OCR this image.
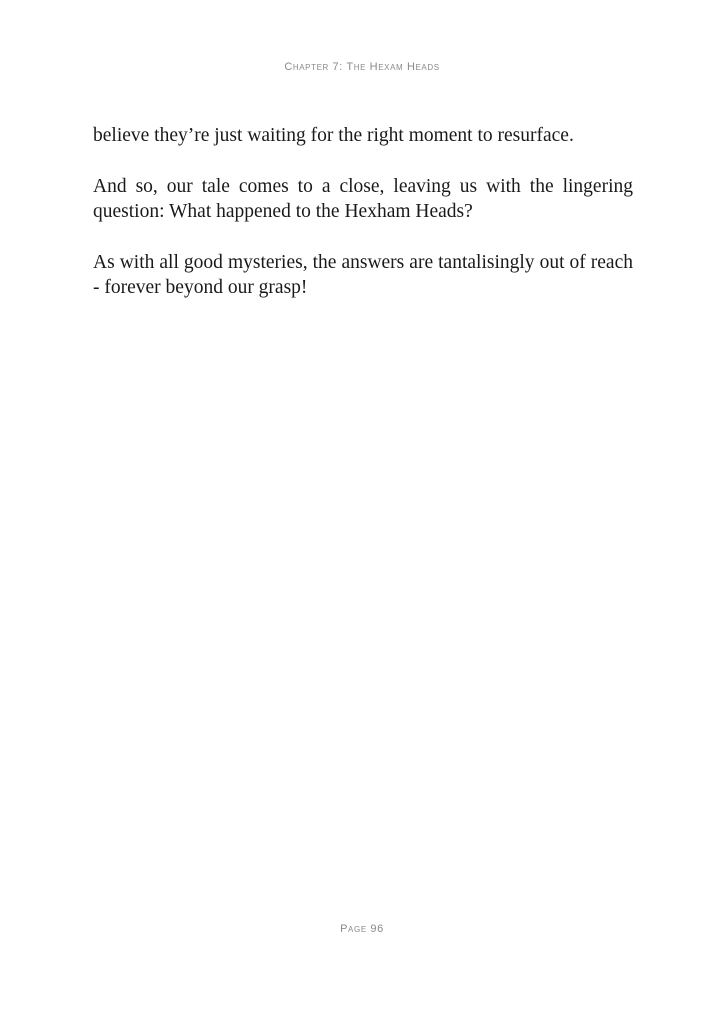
Chapter 7: The Hexam Heads

believe they’re just waiting for the right moment to resurface.

And so, our tale comes to a close, leaving us with the lingering question: What happened to the Hexham Heads?

As with all good mysteries, the answers are tantalisingly out of reach - forever beyond our grasp!

Page 96
